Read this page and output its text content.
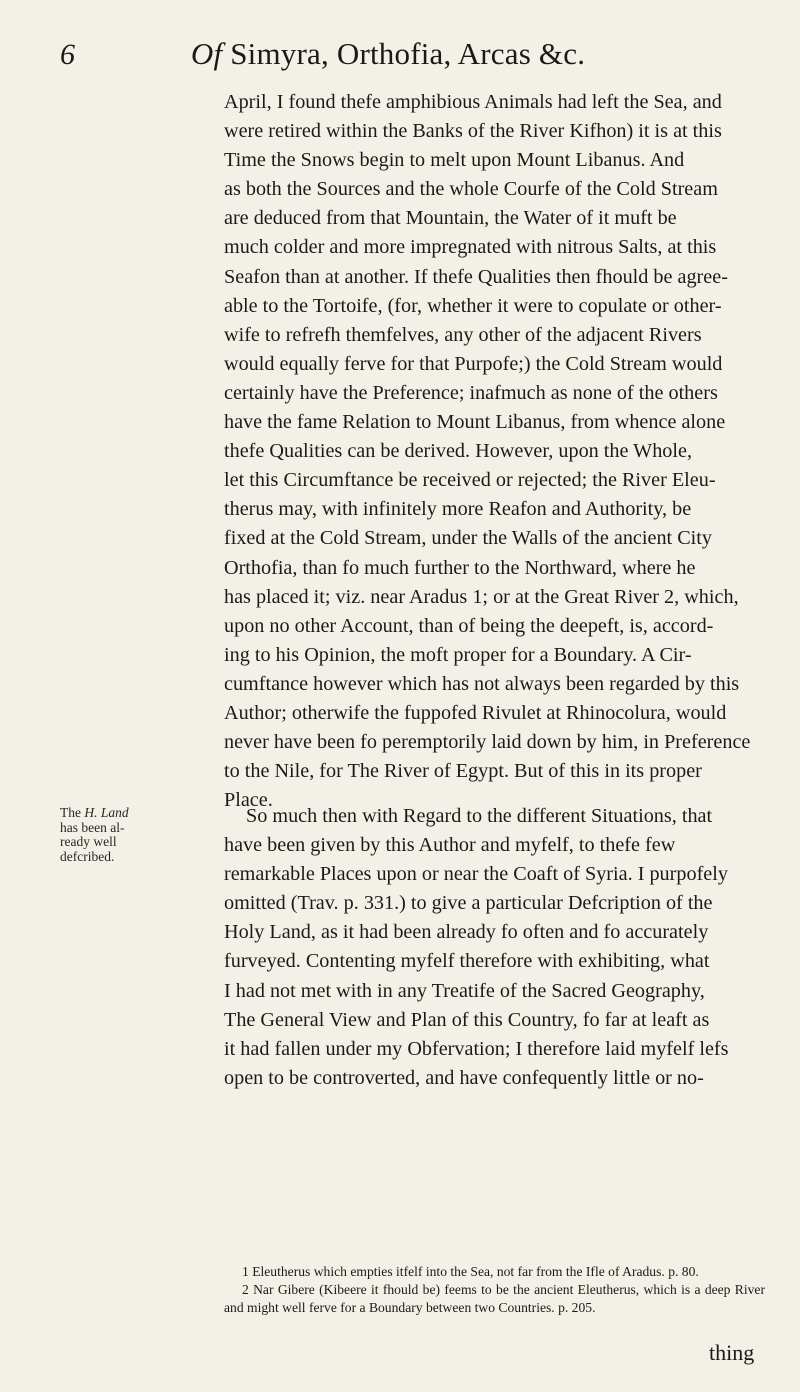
6	Of Simyra, Orthofia, Arcas &c.
April, I found thefe amphibious Animals had left the Sea, and
were retired within the Banks of the River Kifhon) it is at this
Time the Snows begin to melt upon Mount Libanus. And
as both the Sources and the whole Courfe of the Cold Stream
are deduced from that Mountain, the Water of it muft be
much colder and more impregnated with nitrous Salts, at this
Seafon than at another. If thefe Qualities then fhould be agree-
able to the Tortoife, (for, whether it were to copulate or other-
wife to refrefh themfelves, any other of the adjacent Rivers
would equally ferve for that Purpofe;) the Cold Stream would
certainly have the Preference; inafmuch as none of the others
have the fame Relation to Mount Libanus, from whence alone
thefe Qualities can be derived. However, upon the Whole,
let this Circumftance be received or rejected; the River Eleu-
therus may, with infinitely more Reafon and Authority, be
fixed at the Cold Stream, under the Walls of the ancient City
Orthofia, than fo much further to the Northward, where he
has placed it; viz. near Aradus 1; or at the Great River 2, which,
upon no other Account, than of being the deepeft, is, accord-
ing to his Opinion, the moft proper for a Boundary. A Cir-
cumftance however which has not always been regarded by this
Author; otherwife the fuppofed Rivulet at Rhinocolura, would
never have been fo peremptorily laid down by him, in Preference
to the Nile, for The River of Egypt. But of this in its proper
Place.
The H. Land
has been al-
ready well
defcribed.
So much then with Regard to the different Situations, that
have been given by this Author and myfelf, to thefe few
remarkable Places upon or near the Coaft of Syria. I purpofely
omitted (Trav. p. 331.) to give a particular Defcription of the
Holy Land, as it had been already fo often and fo accurately
furveyed. Contenting myfelf therefore with exhibiting, what
I had not met with in any Treatife of the Sacred Geography,
The General View and Plan of this Country, fo far at leaft as
it had fallen under my Obfervation; I therefore laid myfelf lefs
open to be controverted, and have confequently little or no-

1 Eleutherus which empties itfelf into the Sea, not far from the Ifle of Aradus. p. 80.

2 Nar Gibere (Kibeere it fhould be) feems to be the ancient Eleutherus, which is a deep River and might well ferve for a Boundary between two Countries. p. 205.

thing
